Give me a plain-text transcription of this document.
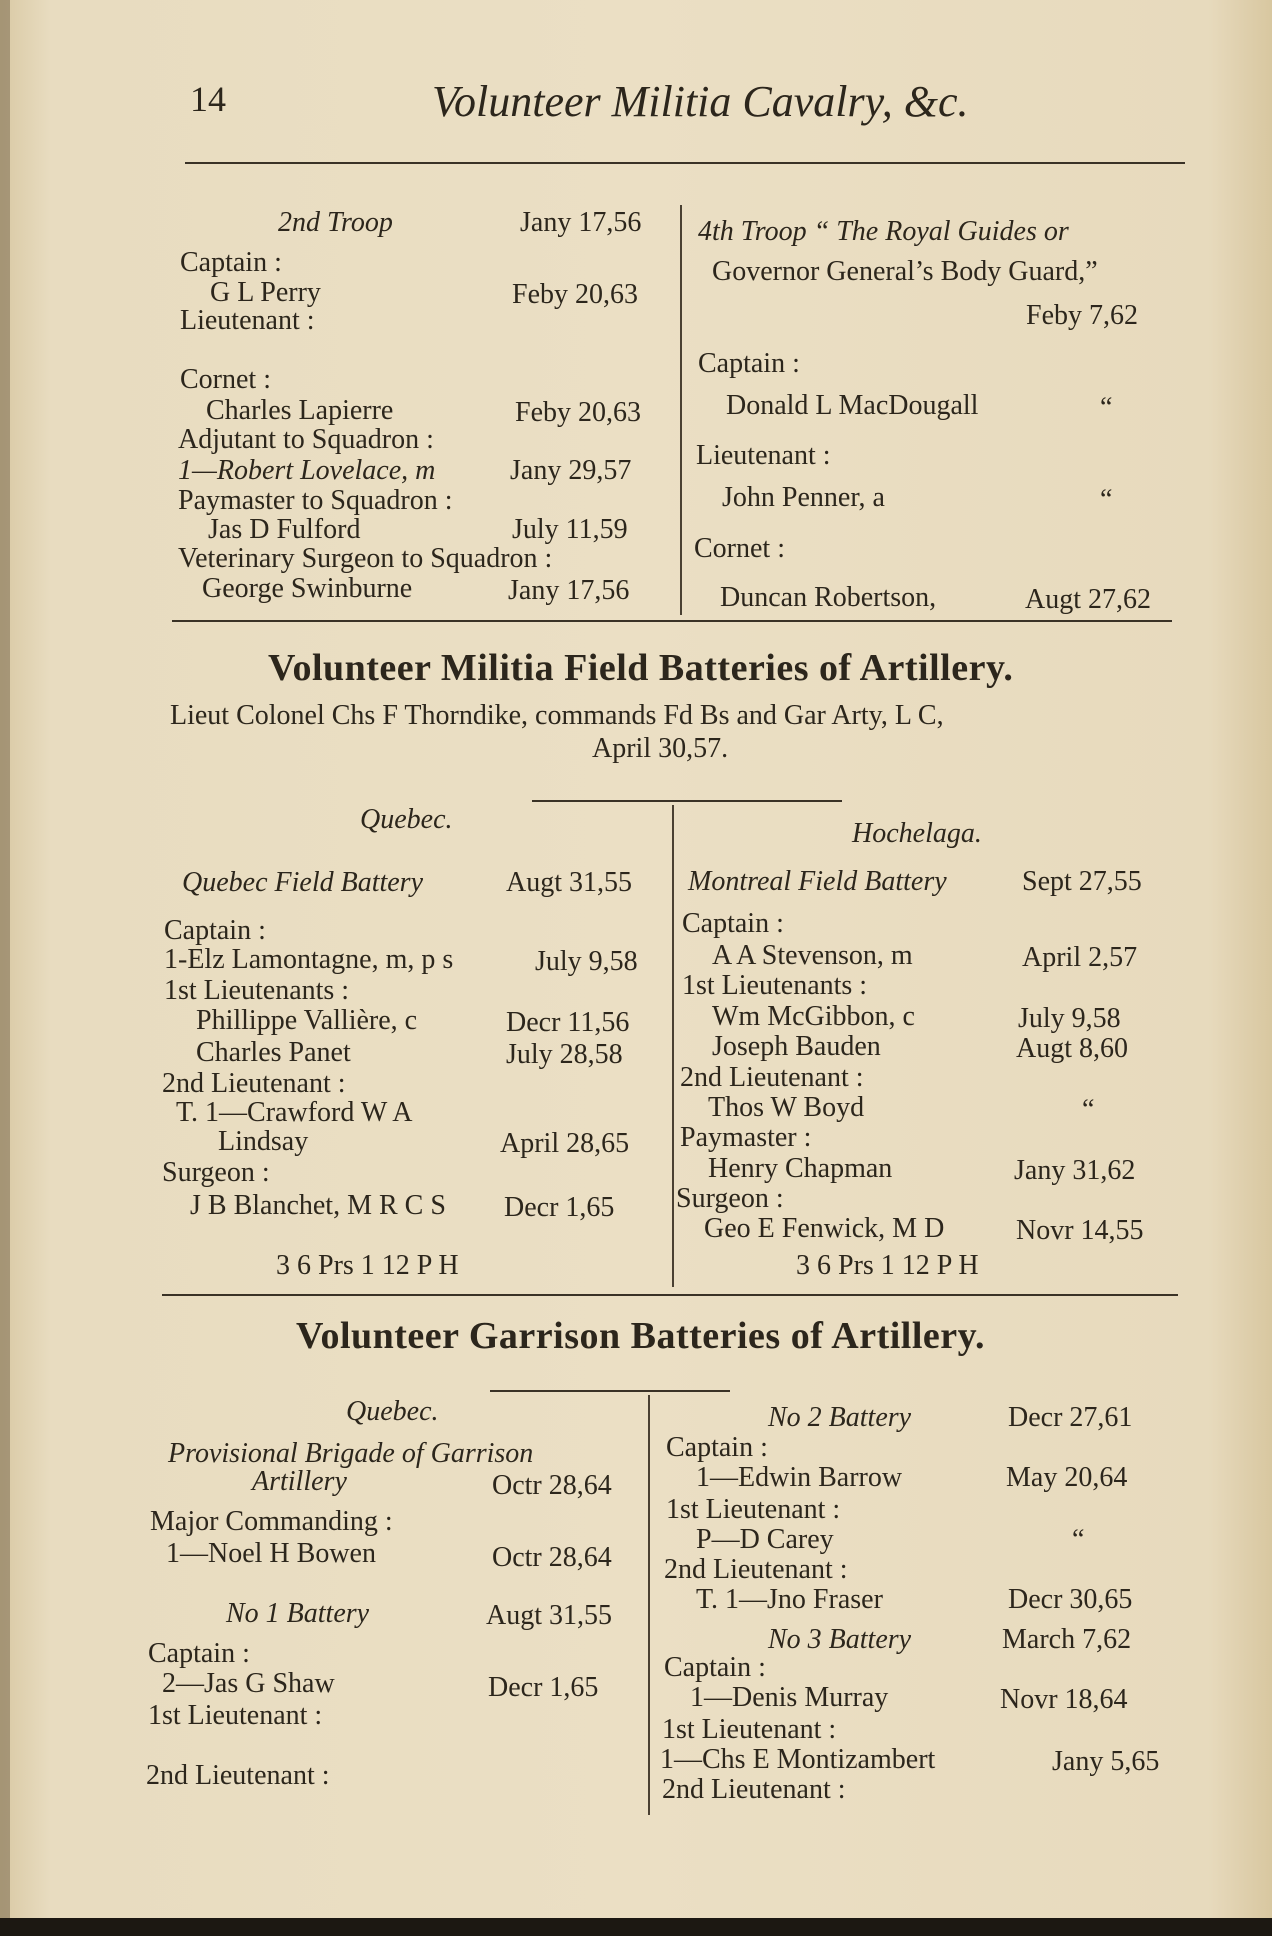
14	Volunteer Militia Cavalry, &c.
2nd Troop	Jany 17,56
Captain :
G L Perry	Feby 20,63
Lieutenant :
Cornet :
Charles Lapierre	Feby 20,63
Adjutant to Squadron :
1—Robert Lovelace, m	Jany 29,57
Paymaster to Squadron :
Jas D Fulford	July 11,59
Veterinary Surgeon to Squadron :
George Swinburne	Jany 17,56
4th Troop “ The Royal Guides or
Governor General’s Body Guard,”
Feby 7,62
Captain :
Donald L MacDougall	“
Lieutenant :
John Penner, a	“
Cornet :
Duncan Robertson,	Augt 27,62
Volunteer Militia Field Batteries of Artillery.
Lieut Colonel Chs F Thorndike, commands Fd Bs and Gar Arty, L C,
April 30,57.
Quebec.
Quebec Field Battery	Augt 31,55
Captain :
1-Elz Lamontagne, m, p s	July 9,58
1st Lieutenants :
Phillippe Vallière, c	Decr 11,56
Charles Panet	July 28,58
2nd Lieutenant :
T. 1—Crawford W A
Lindsay	April 28,65
Surgeon :
J B Blanchet, M R C S Decr 1,65
3 6 Prs 1 12 P H
Hochelaga.
Montreal Field Battery	Sept 27,55
Captain :
A A Stevenson, m	April 2,57
1st Lieutenants :
Wm McGibbon, c	July 9,58
Joseph Bauden	Augt 8,60
2nd Lieutenant :
Thos W Boyd	“
Paymaster :
Henry Chapman	Jany 31,62
Surgeon :
Geo E Fenwick, M D	Novr 14,55
3 6 Prs 1 12 P H
Volunteer Garrison Batteries of Artillery.
Quebec.
Provisional Brigade of Garrison
Artillery	Octr 28,64
Major Commanding :
1—Noel H Bowen	Octr 28,64
No 1 Battery	Augt 31,55
Captain :
2—Jas G Shaw	Decr 1,65
1st Lieutenant :
2nd Lieutenant :
No 2 Battery	Decr 27,61
Captain :
1—Edwin Barrow	May 20,64
1st Lieutenant :
P—D Carey	“
2nd Lieutenant :
T. 1—Jno Fraser	Decr 30,65
No 3 Battery	March 7,62
Captain :
1—Denis Murray	Novr 18,64
1st Lieutenant :
1—Chs E Montizambert	Jany 5,65
2nd Lieutenant :
